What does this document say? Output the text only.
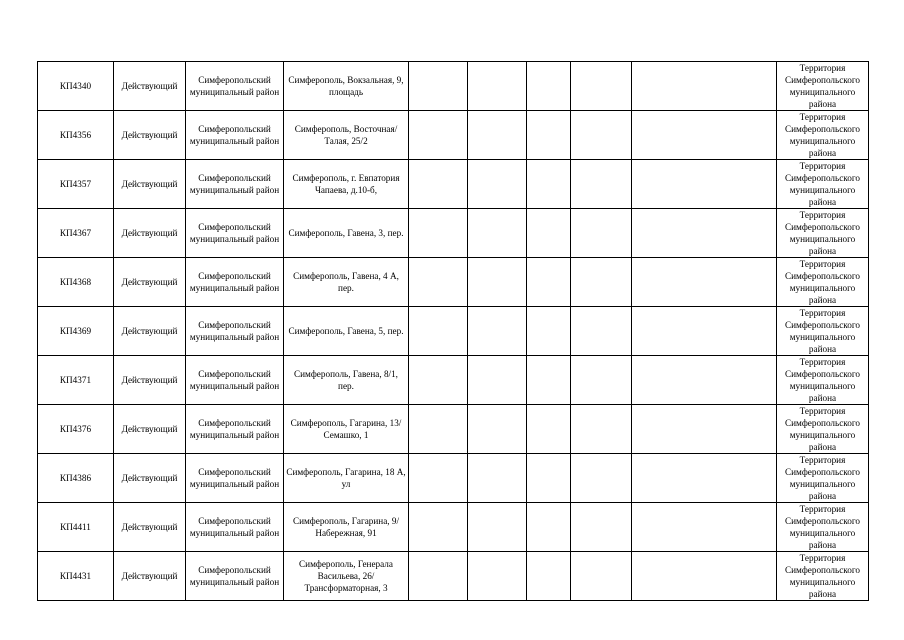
КП4340	Действующий	Симферопольский муниципальный район	Симферополь, Вокзальная, 9, площадь						Территория Симферопольского муниципального района
КП4356	Действующий	Симферопольский муниципальный район	Симферополь, Восточная/Талая, 25/2						Территория Симферопольского муниципального района
КП4357	Действующий	Симферопольский муниципальный район	Симферополь, г. Евпатория Чапаева, д.10-б,						Территория Симферопольского муниципального района
КП4367	Действующий	Симферопольский муниципальный район	Симферополь, Гавена, 3, пер.						Территория Симферопольского муниципального района
КП4368	Действующий	Симферопольский муниципальный район	Симферополь, Гавена, 4 А, пер.						Территория Симферопольского муниципального района
КП4369	Действующий	Симферопольский муниципальный район	Симферополь, Гавена, 5, пер.						Территория Симферопольского муниципального района
КП4371	Действующий	Симферопольский муниципальный район	Симферополь, Гавена, 8/1, пер.						Территория Симферопольского муниципального района
КП4376	Действующий	Симферопольский муниципальный район	Симферополь, Гагарина, 13/ Семашко, 1						Территория Симферопольского муниципального района
КП4386	Действующий	Симферопольский муниципальный район	Симферополь, Гагарина, 18 А, ул						Территория Симферопольского муниципального района
КП4411	Действующий	Симферопольский муниципальный район	Симферополь, Гагарина, 9/ Набережная, 91						Территория Симферопольского муниципального района
КП4431	Действующий	Симферопольский муниципальный район	Симферополь, Генерала Васильева, 26/ Трансформаторная, 3						Территория Симферопольского муниципального района
